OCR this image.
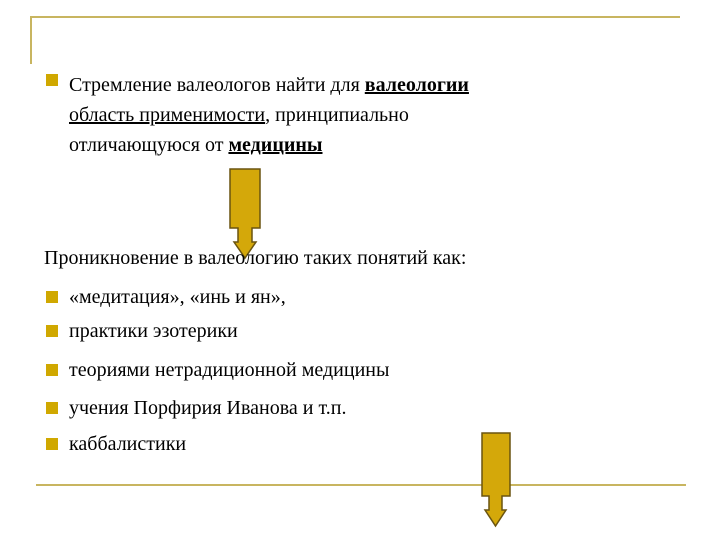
Стремление валеологов найти для валеологии
область применимости, принципиально
отличающуюся от медицины
Проникновение в валеологию таких понятий как:
«медитация», «инь и ян»,
практики эзотерики
теориями нетрадиционной медицины
учения Порфирия Иванова и т.п.
каббалистики
